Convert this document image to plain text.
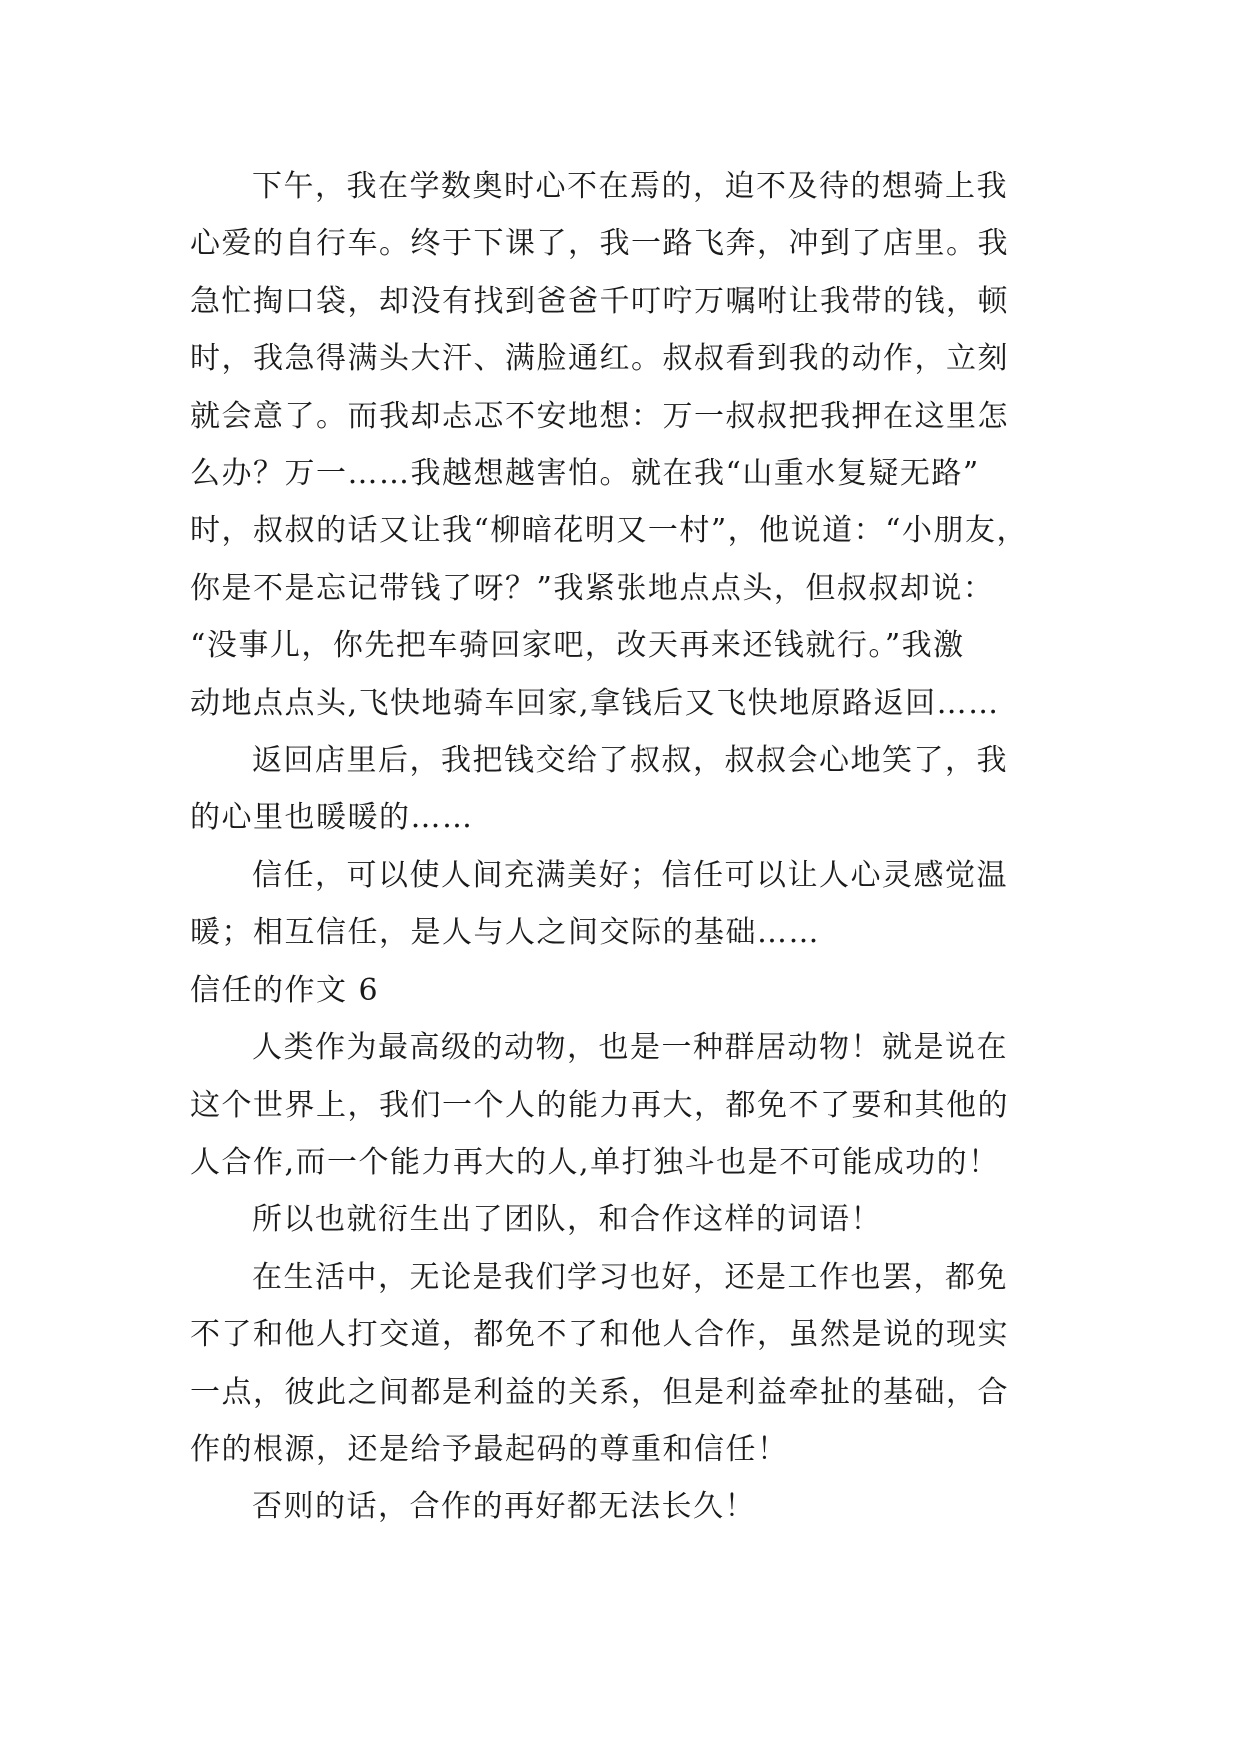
下午，我在学数奥时心不在焉的，迫不及待的想骑上我
心爱的自行车。终于下课了，我一路飞奔，冲到了店里。我
急忙掏口袋，却没有找到爸爸千叮咛万嘱咐让我带的钱，顿
时，我急得满头大汗、满脸通红。叔叔看到我的动作，立刻
就会意了。而我却忐忑不安地想：万一叔叔把我押在这里怎
么办？万一……我越想越害怕。就在我“山重水复疑无路”
时，叔叔的话又让我“柳暗花明又一村”，他说道：“小朋友，
你是不是忘记带钱了呀？”我紧张地点点头，但叔叔却说：
“没事儿，你先把车骑回家吧，改天再来还钱就行。”我激
动地点点头,飞快地骑车回家,拿钱后又飞快地原路返回……

返回店里后，我把钱交给了叔叔，叔叔会心地笑了，我
的心里也暖暖的……

信任，可以使人间充满美好；信任可以让人心灵感觉温
暖；相互信任，是人与人之间交际的基础……

信任的作文 6

人类作为最高级的动物，也是一种群居动物！就是说在
这个世界上，我们一个人的能力再大，都免不了要和其他的
人合作,而一个能力再大的人,单打独斗也是不可能成功的！

所以也就衍生出了团队，和合作这样的词语！

在生活中，无论是我们学习也好，还是工作也罢，都免
不了和他人打交道，都免不了和他人合作，虽然是说的现实
一点，彼此之间都是利益的关系，但是利益牵扯的基础，合
作的根源，还是给予最起码的尊重和信任！

否则的话，合作的再好都无法长久！
